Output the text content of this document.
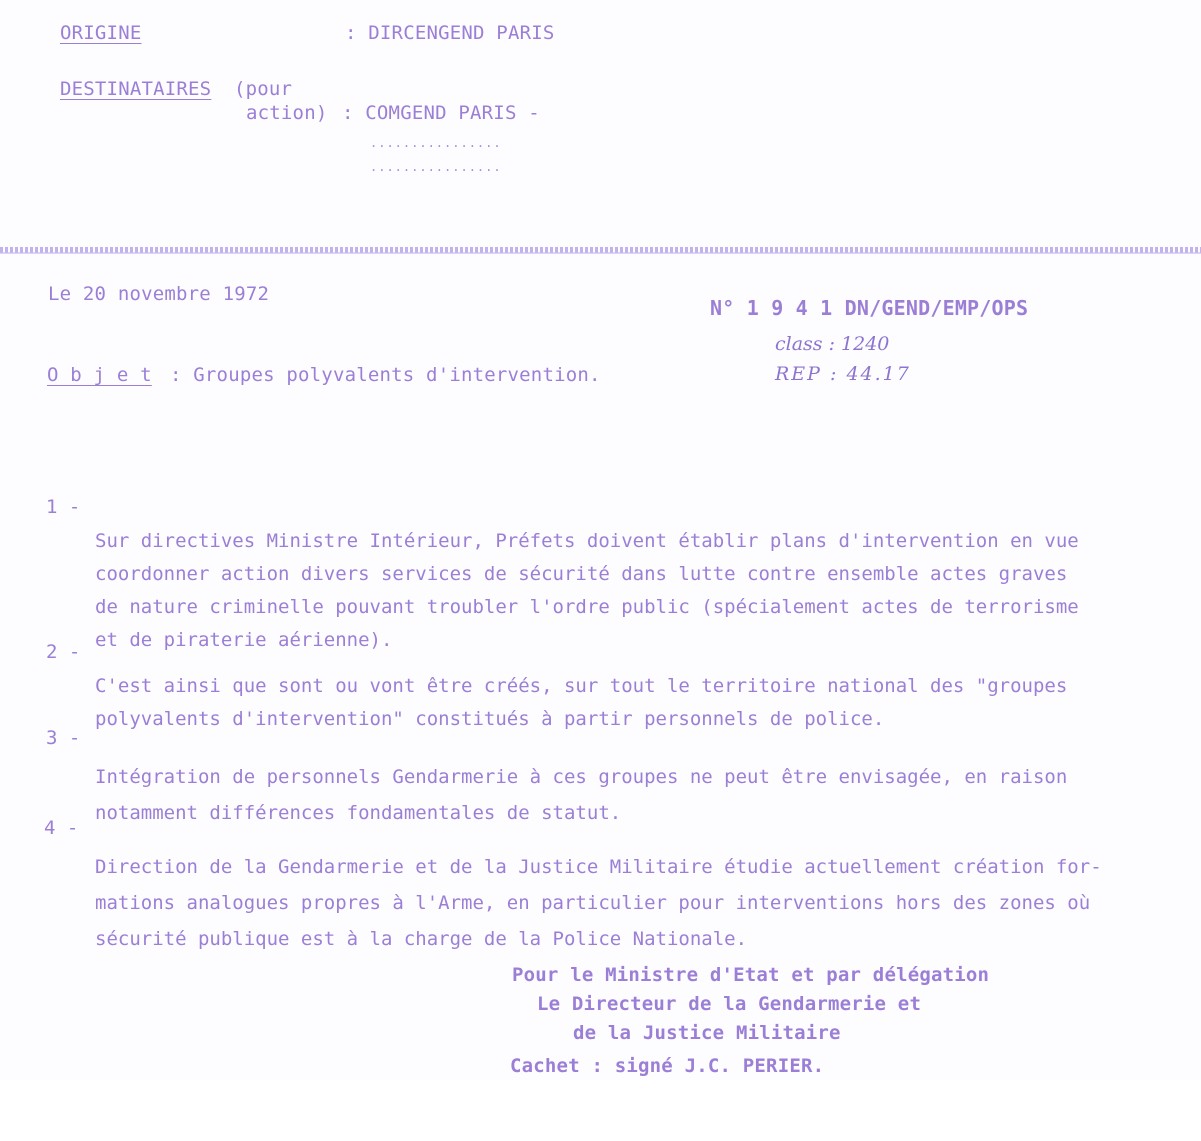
ORIGINE	: DIRCENGEND PARIS
DESTINATAIRES (pour
action) : COMGEND PARIS -
................
................
Le 20 novembre 1972
N° 1 9 4 1 DN/GEND/EMP/OPS
class : 1240
REP : 44.17
O b j e t : Groupes polyvalents d'intervention.
1 -

Sur directives Ministre Intérieur, Préfets doivent établir plans d'intervention en vue
coordonner action divers services de sécurité dans lutte contre ensemble actes graves
de nature criminelle pouvant troubler l'ordre public (spécialement actes de terrorisme
et de piraterie aérienne).

2 -

C'est ainsi que sont ou vont être créés, sur tout le territoire national des "groupes
polyvalents d'intervention" constitués à partir personnels de police.

3 -

Intégration de personnels Gendarmerie à ces groupes ne peut être envisagée, en raison
notamment différences fondamentales de statut.

4 -

Direction de la Gendarmerie et de la Justice Militaire étudie actuellement création for-
mations analogues propres à l'Arme, en particulier pour interventions hors des zones où
sécurité publique est à la charge de la Police Nationale.

Pour le Ministre d'Etat et par délégation
Le Directeur de la Gendarmerie et
de la Justice Militaire
Cachet : signé J.C. PERIER.
